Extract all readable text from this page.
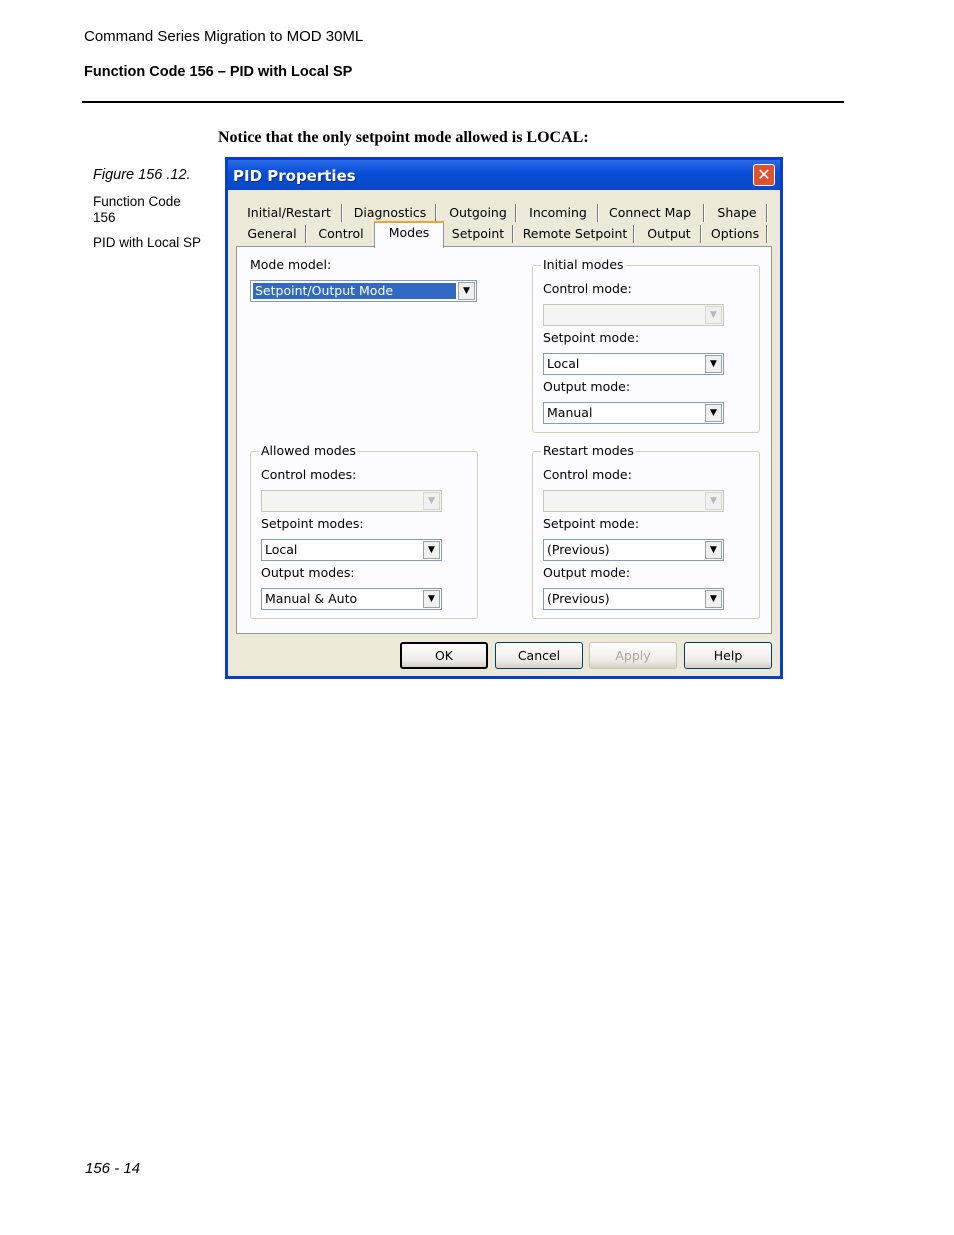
Command Series Migration to MOD 30ML
Function Code 156 – PID with Local SP
Notice that the only setpoint mode allowed is LOCAL:
Figure 156 .12.
Function Code
156
PID with Local SP
156 - 14
PID Properties	✕
Initial/Restart	Diagnostics	Outgoing	Incoming	Connect Map	Shape
General	Control	Modes	Setpoint	Remote Setpoint	Output	Options
Mode model:
Setpoint/Output Mode	▼
Initial modes
Control mode:
▼
Setpoint mode:
Local	▼
Output mode:
Manual	▼
Allowed modes
Control modes:
▼
Setpoint modes:
Local	▼
Output modes:
Manual & Auto	▼
Restart modes
Control mode:
▼
Setpoint mode:
(Previous)	▼
Output mode:
(Previous)	▼
OK	Cancel	Apply	Help
